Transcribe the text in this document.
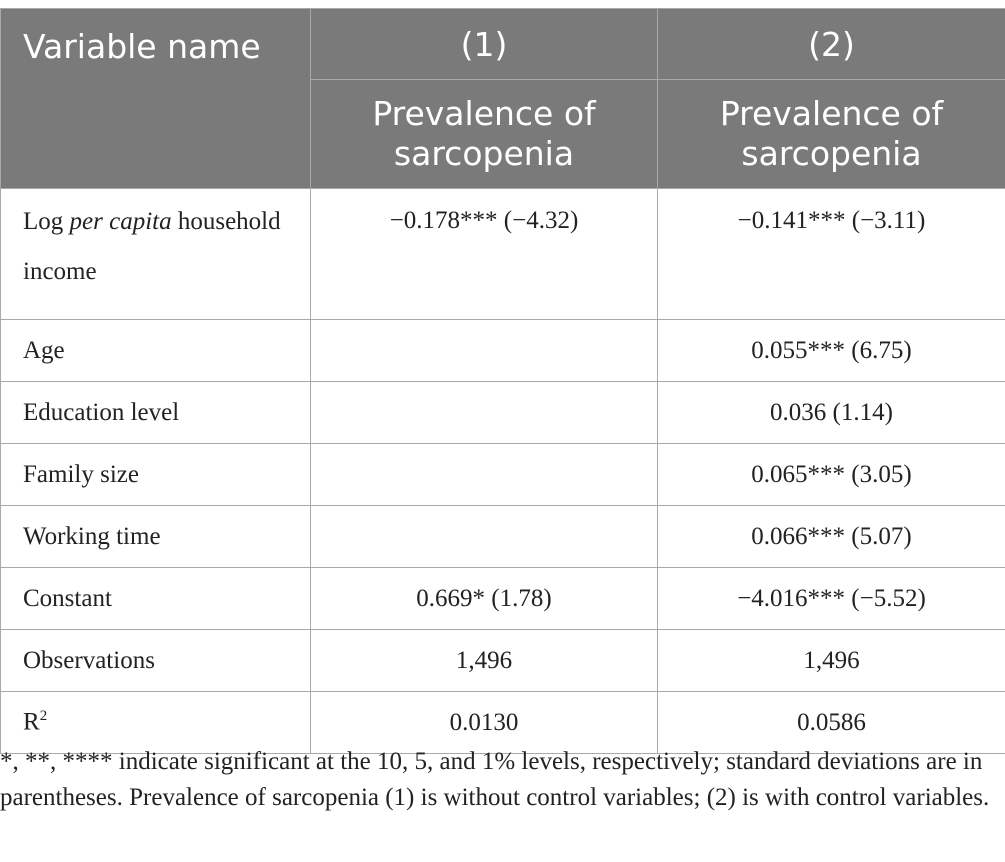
Variable name	(1)	(2)
	Prevalence of sarcopenia	Prevalence of sarcopenia
Log per capita household income	−0.178*** (−4.32)	−0.141*** (−3.11)
Age		0.055*** (6.75)
Education level		0.036 (1.14)
Family size		0.065*** (3.05)
Working time		0.066*** (5.07)
Constant	0.669* (1.78)	−4.016*** (−5.52)
Observations	1,496	1,496
$R^2$	0.0130	0.0586
*, **, **** indicate significant at the 10, 5, and 1% levels, respectively; standard deviations are in parentheses. Prevalence of sarcopenia (1) is without control variables; (2) is with control variables.
